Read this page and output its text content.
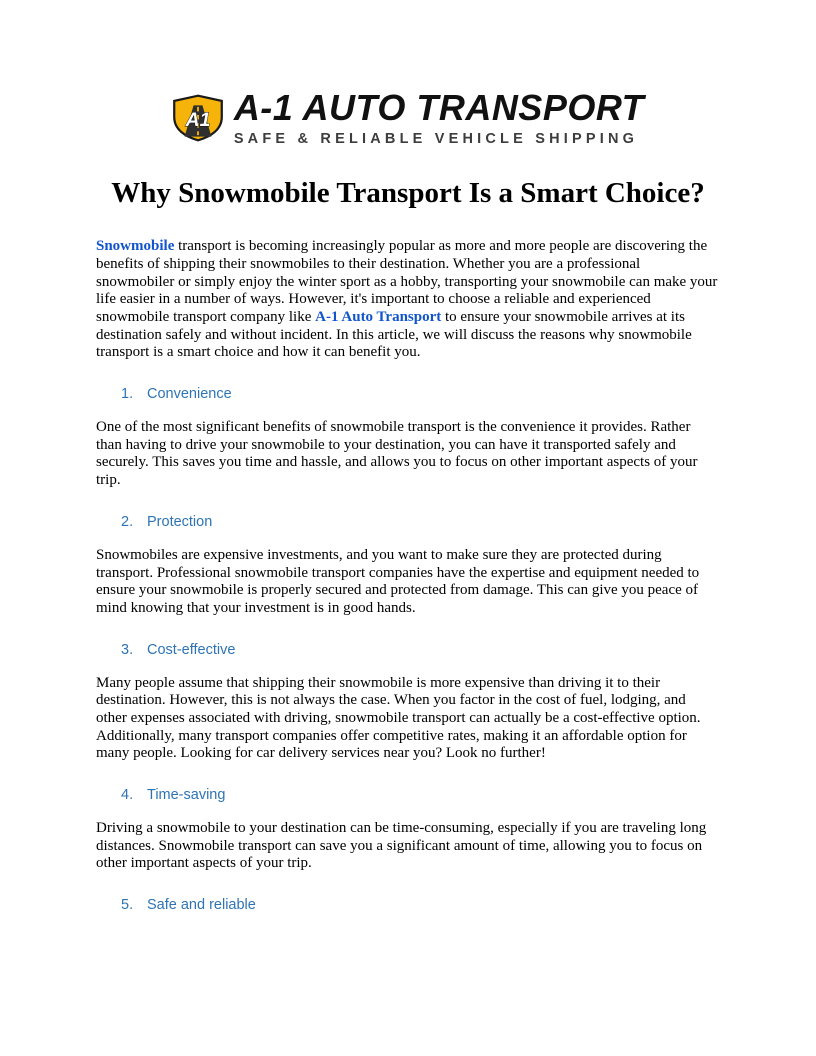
A1 A-1 AUTO TRANSPORT
SAFE & RELIABLE VEHICLE SHIPPING
Why Snowmobile Transport Is a Smart Choice?

Snowmobile transport is becoming increasingly popular as more and more people are discovering the benefits of shipping their snowmobiles to their destination. Whether you are a professional snowmobiler or simply enjoy the winter sport as a hobby, transporting your snowmobile can make your life easier in a number of ways. However, it's important to choose a reliable and experienced snowmobile transport company like A-1 Auto Transport to ensure your snowmobile arrives at its destination safely and without incident. In this article, we will discuss the reasons why snowmobile transport is a smart choice and how it can benefit you.

1. Convenience

One of the most significant benefits of snowmobile transport is the convenience it provides. Rather than having to drive your snowmobile to your destination, you can have it transported safely and securely. This saves you time and hassle, and allows you to focus on other important aspects of your trip.

2. Protection

Snowmobiles are expensive investments, and you want to make sure they are protected during transport. Professional snowmobile transport companies have the expertise and equipment needed to ensure your snowmobile is properly secured and protected from damage. This can give you peace of mind knowing that your investment is in good hands.

3. Cost-effective

Many people assume that shipping their snowmobile is more expensive than driving it to their destination. However, this is not always the case. When you factor in the cost of fuel, lodging, and other expenses associated with driving, snowmobile transport can actually be a cost-effective option. Additionally, many transport companies offer competitive rates, making it an affordable option for many people. Looking for car delivery services near you? Look no further!

4. Time-saving

Driving a snowmobile to your destination can be time-consuming, especially if you are traveling long distances. Snowmobile transport can save you a significant amount of time, allowing you to focus on other important aspects of your trip.

5. Safe and reliable
